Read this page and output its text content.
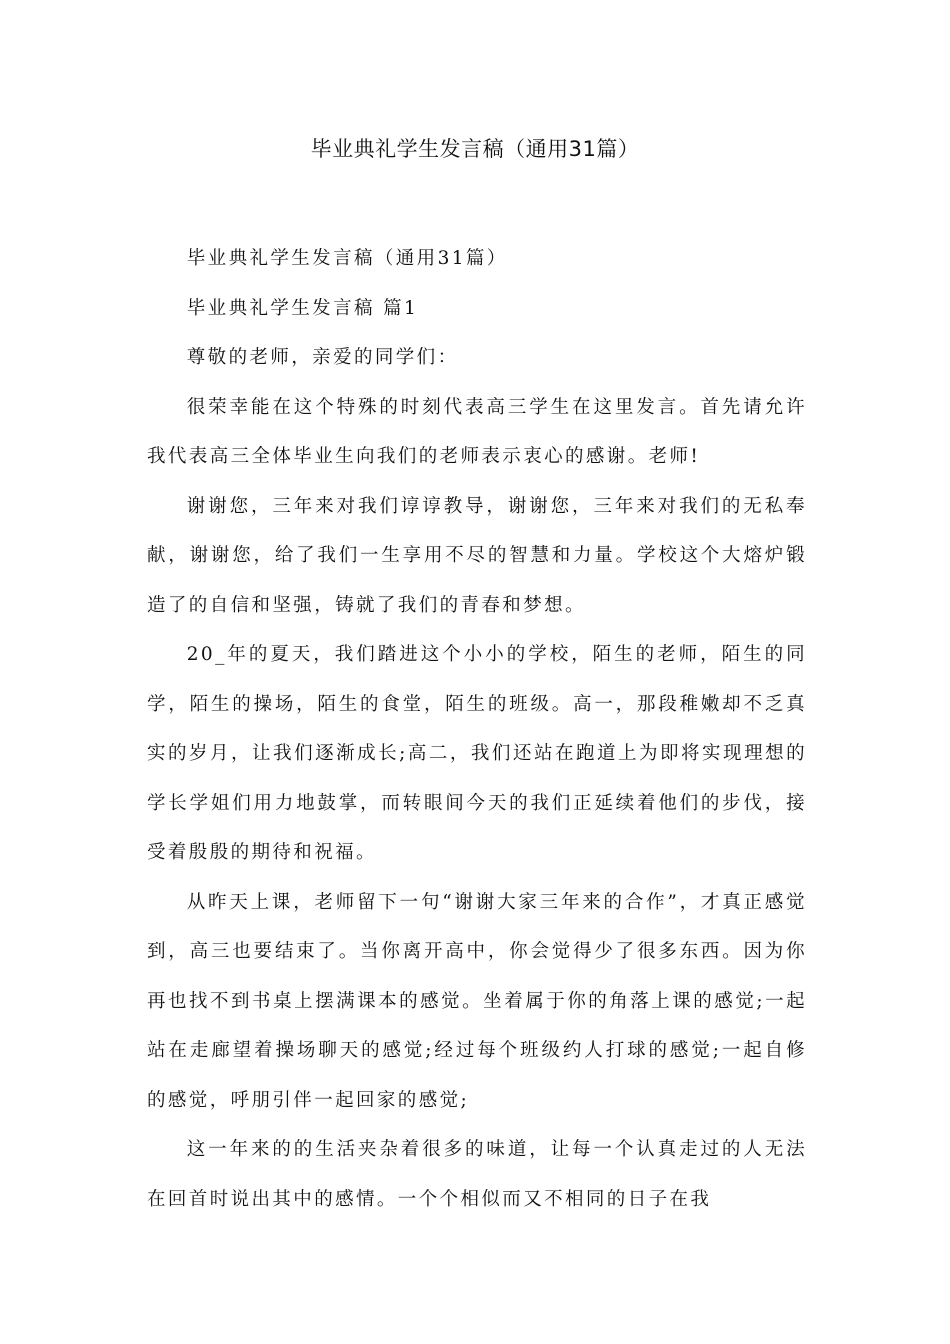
毕业典礼学生发言稿（通用31篇）

毕业典礼学生发言稿（通用31篇）

毕业典礼学生发言稿 篇1

尊敬的老师，亲爱的同学们：

很荣幸能在这个特殊的时刻代表高三学生在这里发言。首先请允许我代表高三全体毕业生向我们的老师表示衷心的感谢。老师!

谢谢您，三年来对我们谆谆教导，谢谢您，三年来对我们的无私奉献，谢谢您，给了我们一生享用不尽的智慧和力量。学校这个大熔炉锻造了的自信和坚强，铸就了我们的青春和梦想。

20_年的夏天，我们踏进这个小小的学校，陌生的老师，陌生的同学，陌生的操场，陌生的食堂，陌生的班级。高一，那段稚嫩却不乏真实的岁月，让我们逐渐成长;高二，我们还站在跑道上为即将实现理想的学长学姐们用力地鼓掌，而转眼间今天的我们正延续着他们的步伐，接受着殷殷的期待和祝福。

从昨天上课，老师留下一句“谢谢大家三年来的合作”，才真正感觉到，高三也要结束了。当你离开高中，你会觉得少了很多东西。因为你再也找不到书桌上摆满课本的感觉。坐着属于你的角落上课的感觉;一起站在走廊望着操场聊天的感觉;经过每个班级约人打球的感觉;一起自修的感觉，呼朋引伴一起回家的感觉;

这一年来的的生活夹杂着很多的味道，让每一个认真走过的人无法在回首时说出其中的感情。一个个相似而又不相同的日子在我
